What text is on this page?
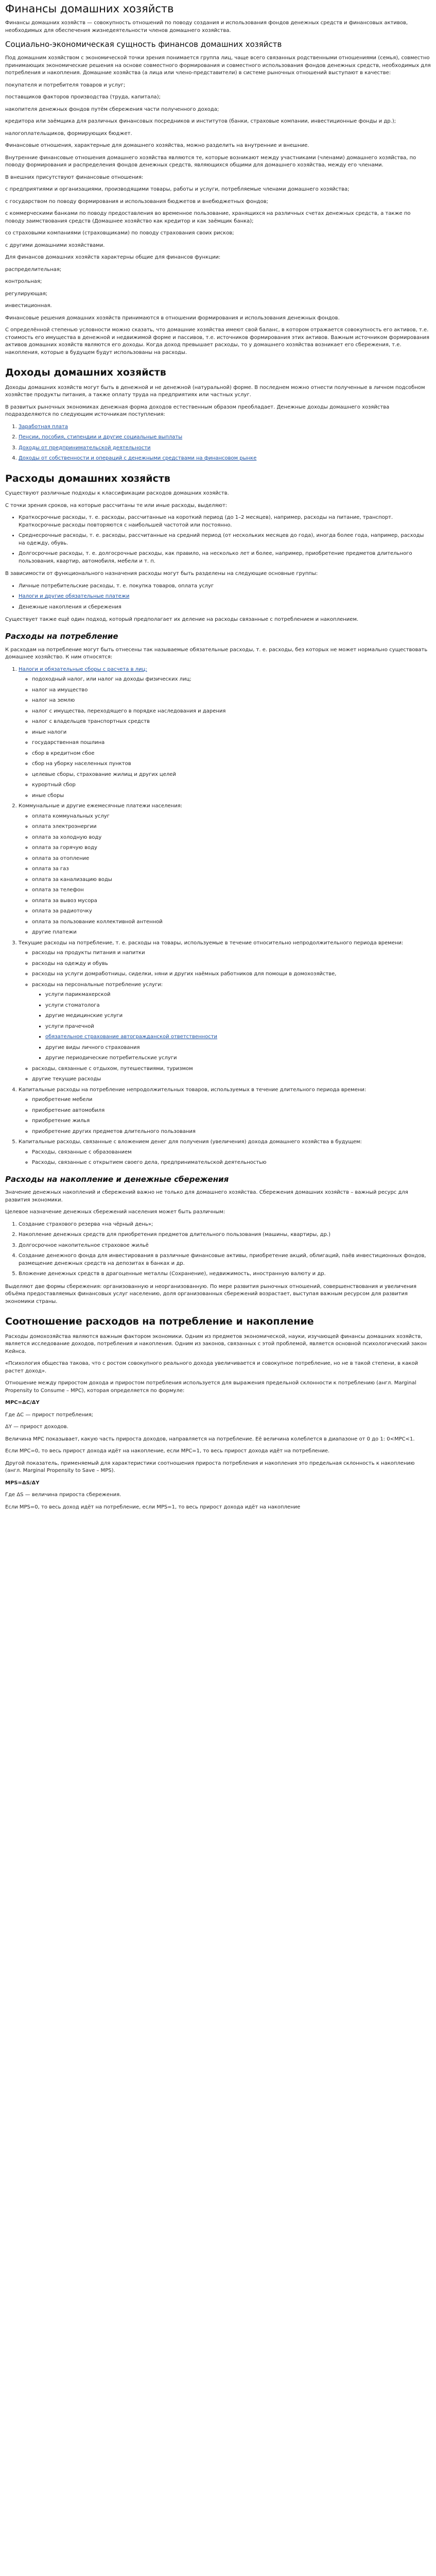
Финансы домашних хозяйств

Финансы домашних хозяйств — совокупность отношений по поводу создания и использования фондов денежных средств и финансовых активов, необходимых для обеспечения жизнедеятельности членов домашнего хозяйства.

Социально-экономическая сущность финансов домашних хозяйств

Под домашним хозяйством с экономической точки зрения понимается группа лиц, чаще всего связанных родственными отношениями (семья), совместно принимающих экономические решения на основе совместного формирования и совместного использования фондов денежных средств, необходимых для потребления и накопления. Домашние хозяйства (а лица или члено-представители) в системе рыночных отношений выступают в качестве:

покупателя и потребителя товаров и услуг;

поставщиков факторов производства (труда, капитала);

накопителя денежных фондов путём сбережения части полученного дохода;

кредитора или заёмщика для различных финансовых посредников и институтов (банки, страховые компании, инвестиционные фонды и др.);

налогоплательщиков, формирующих бюджет.

Финансовые отношения, характерные для домашнего хозяйства, можно разделить на внутренние и внешние.

Внутренние финансовые отношения домашнего хозяйства являются те, которые возникают между участниками (членами) домашнего хозяйства, по поводу формирования и распределения фондов денежных средств, являющихся общими для домашнего хозяйства, между его членами.

В внешних присутствуют финансовые отношения:

с предприятиями и организациями, производящими товары, работы и услуги, потребляемые членами домашнего хозяйства;

с государством по поводу формирования и использования бюджетов и внебюджетных фондов;

с коммерческими банками по поводу предоставления во временное пользование, хранящихся на различных счетах денежных средств, а также по поводу заимствования средств (Домашнее хозяйство как кредитор и как заёмщик банка);

со страховыми компаниями (страховщиками) по поводу страхования своих рисков;

с другими домашними хозяйствами.

Для финансов домашних хозяйств характерны общие для финансов функции:

распределительная;

контрольная;

регулирующая;

инвестиционная.

Финансовые решения домашних хозяйств принимаются в отношении формирования и использования денежных фондов.

С определённой степенью условности можно сказать, что домашние хозяйства имеют свой баланс, в котором отражается совокупность его активов, т.е. стоимость его имущества в денежной и недвижимой форме и пассивов, т.е. источников формирования этих активов. Важным источником формирования активов домашних хозяйств являются его доходы. Когда доход превышает расходы, то у домашнего хозяйства возникает его сбережения, т.е. накопления, которые в будущем будут использованы на расходы.

Доходы домашних хозяйств

Доходы домашних хозяйств могут быть в денежной и не денежной (натуральной) форме. В последнем можно отнести полученные в личном подсобном хозяйстве продукты питания, а также оплату труда на предприятиях или частных услуг.

В развитых рыночных экономиках денежная форма доходов естественным образом преобладает. Денежные доходы домашнего хозяйства подразделяются по следующим источникам поступления:

1. Заработная плата
2. Пенсии, пособия, стипендии и другие социальные выплаты
3. Доходы от предпринимательской деятельности
4. Доходы от собственности и операций с денежными средствами на финансовом рынке
Расходы домашних хозяйств

Существуют различные подходы к классификации расходов домашних хозяйств.

С точки зрения сроков, на которые рассчитаны те или иные расходы, выделяют:

• Краткосрочные расходы, т. е. расходы, рассчитанные на короткий период (до 1–2 месяцев), например, расходы на питание, транспорт. Краткосрочные расходы повторяются с наибольшей частотой или постоянно.
• Среднесрочные расходы, т. е. расходы, рассчитанные на средний период (от нескольких месяцев до года), иногда более года, например, расходы на одежду, обувь.
• Долгосрочные расходы, т. е. долгосрочные расходы, как правило, на несколько лет и более, например, приобретение предметов длительного пользования, квартир, автомобиля, мебели и т. п.

В зависимости от функционального назначения расходы могут быть разделены на следующие основные группы:

• Личные потребительские расходы, т. е. покупка товаров, оплата услуг
• Налоги и другие обязательные платежи
• Денежные накопления и сбережения

Существует также ещё один подход, который предполагает их деление на расходы связанные с потреблением и накоплением.

Расходы на потребление

К расходам на потребление могут быть отнесены так называемые обязательные расходы, т. е. расходы, без которых не может нормально существовать домашнее хозяйство. К ним относятся:

1. Налоги и обязательные сборы с расчета в лиц:
◦ подоходный налог, или налог на доходы физических лиц;
◦ налог на имущество
◦ налог на землю
◦ налог с имущества, переходящего в порядке наследования и дарения
◦ налог с владельцев транспортных средств
◦ иные налоги
◦ государственная пошлина
◦ сбор в кредитном сбое
◦ сбор на уборку населенных пунктов
◦ целевые сборы, страхование жилищ и других целей
◦ курортный сбор
◦ иные сборы
2. Коммунальные и другие ежемесячные платежи населения:
◦ оплата коммунальных услуг
◦ оплата электроэнергии
◦ оплата за холодную воду
◦ оплата за горячую воду
◦ оплата за отопление
◦ оплата за газ
◦ оплата за канализацию воды
◦ оплата за телефон
◦ оплата за вывоз мусора
◦ оплата за радиоточку
◦ оплата за пользование коллективной антенной
◦ другие платежи
3. Текущие расходы на потребление, т. е. расходы на товары, используемые в течение относительно непродолжительного периода времени:
◦ расходы на продукты питания и напитки
◦ расходы на одежду и обувь
◦ расходы на услуги домработницы, сиделки, няни и других наёмных работников для помощи в домохозяйстве,
◦ расходы на персональные потребление услуги:
▪ услуги парикмахерской
▪ услуги стоматолога
▪ другие медицинские услуги
▪ услуги прачечной
▪ обязательное страхование автогражданской ответственности
▪ другие виды личного страхования
▪ другие периодические потребительские услуги
◦ расходы, связанные с отдыхом, путешествиями, туризмом
◦ другие текущие расходы
4. Капитальные расходы на потребление непродолжительных товаров, используемых в течение длительного периода времени:
◦ приобретение мебели
◦ приобретение автомобиля
◦ приобретение жилья
◦ приобретение других предметов длительного пользования
5. Капитальные расходы, связанные с вложением денег для получения (увеличения) дохода домашнего хозяйства в будущем:
◦ Расходы, связанные с образованием
◦ Расходы, связанные с открытием своего дела, предпринимательской деятельностью
Расходы на накопление и денежные сбережения

Значение денежных накоплений и сбережений важно не только для домашнего хозяйства. Сбережения домашних хозяйств – важный ресурс для развития экономики.

Целевое назначение денежных сбережений населения может быть различным:

1. Создание страхового резерва «на чёрный день»;
2. Накопление денежных средств для приобретения предметов длительного пользования (машины, квартиры, др.)
3. Долгосрочное накопительное страховое жильё
4. Создание денежного фонда для инвестирования в различные финансовые активы, приобретение акций, облигаций, паёв инвестиционных фондов, размещение денежных средств на депозитах в банках и др.
5. Вложение денежных средств в драгоценные металлы (Сохранение), недвижимость, иностранную валюту и др.

Выделяют две формы сбережения: организованную и неорганизованную. По мере развития рыночных отношений, совершенствования и увеличения объёма предоставляемых финансовых услуг населению, доля организованных сбережений возрастает, выступая важным ресурсом для развития экономики страны.

Соотношение расходов на потребление и накопление

Расходы домохозяйства являются важным фактором экономики. Одним из предметов экономической, науки, изучающей финансы домашних хозяйств, является исследование доходов, потребления и накопления. Одним из законов, связанных с этой проблемой, является основной психологический закон Кейнса.

«Психология общества такова, что с ростом совокупного реального дохода увеличивается и совокупное потребление, но не в такой степени, в какой растет доход».

Отношение между приростом дохода и приростом потребления используется для выражения предельной склонности к потреблению (англ. Marginal Propensity to Consume – MPC), которая определяется по формуле:

MPC=ΔC/ΔY

Где ΔC — прирост потребления;

ΔY — прирост доходов.

Величина MPC показывает, какую часть прироста доходов, направляется на потребление. Её величина колеблется в диапазоне от 0 до 1: 0<MPC<1.

Если MPC=0, то весь прирост дохода идёт на накопление, если MPC=1, то весь прирост дохода идёт на потребление.

Другой показатель, применяемый для характеристики соотношения прироста потребления и накопления это предельная склонность к накоплению (англ. Marginal Propensity to Save – MPS).

MPS=ΔS/ΔY

Где ΔS — величина прироста сбережения.

Если MPS=0, то весь доход идёт на потребление, если MPS=1, то весь прирост дохода идёт на накопление
